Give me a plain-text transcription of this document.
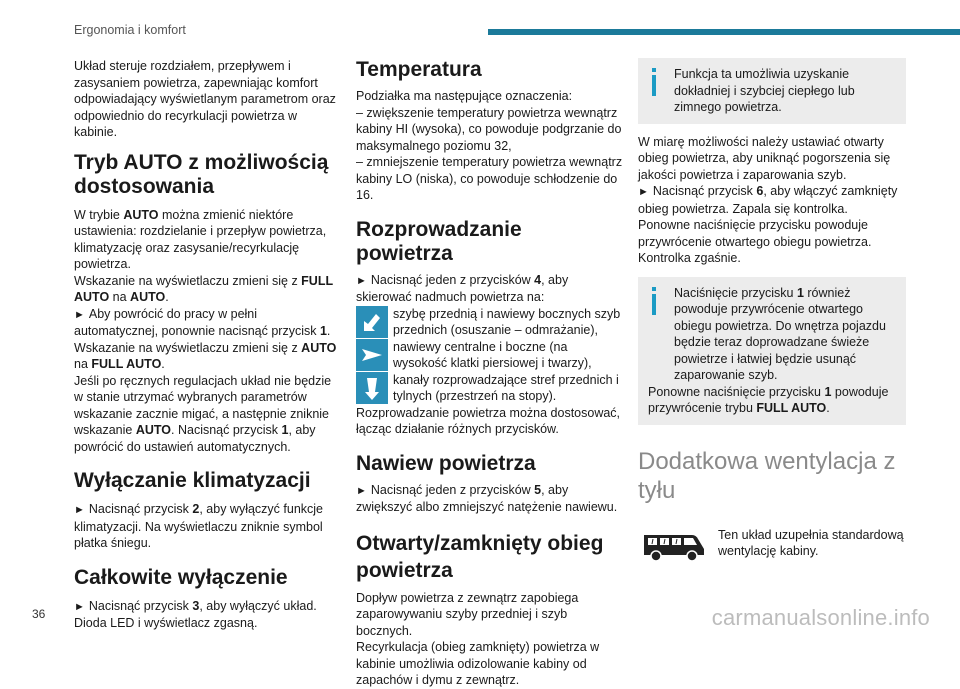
Ergonomia i komfort

Układ steruje rozdziałem, przepływem i zasysaniem powietrza, zapewniając komfort odpowiadający wyświetlanym parametrom oraz odpowiednio do recyrkulacji powietrza w kabinie.

Tryb AUTO z możliwością dostosowania

W trybie AUTO można zmienić niektóre ustawienia: rozdzielanie i przepływ powietrza, klimatyzację oraz zasysanie/recyrkulację powietrza.

Wskazanie na wyświetlaczu zmieni się z FULL AUTO na AUTO.

► Aby powrócić do pracy w pełni automatycznej, ponownie nacisnąć przycisk 1.

Wskazanie na wyświetlaczu zmieni się z AUTO na FULL AUTO.

Jeśli po ręcznych regulacjach układ nie będzie w stanie utrzymać wybranych parametrów wskazanie zacznie migać, a następnie zniknie wskazanie AUTO. Nacisnąć przycisk 1, aby powrócić do ustawień automatycznych.

Wyłączanie klimatyzacji

► Nacisnąć przycisk 2, aby wyłączyć funkcje klimatyzacji. Na wyświetlaczu zniknie symbol płatka śniegu.

Całkowite wyłączenie

► Nacisnąć przycisk 3, aby wyłączyć układ. Dioda LED i wyświetlacz zgasną.

Temperatura

Podziałka ma następujące oznaczenia:

– zwiększenie temperatury powietrza wewnątrz kabiny HI (wysoka), co powoduje podgrzanie do maksymalnego poziomu 32,

– zmniejszenie temperatury powietrza wewnątrz kabiny LO (niska), co powoduje schłodzenie do 16.

Rozprowadzanie powietrza

► Nacisnąć jeden z przycisków 4, aby skierować nadmuch powietrza na:

szybę przednią i nawiewy bocznych szyb przednich (osuszanie – odmrażanie),

nawiewy centralne i boczne (na wysokość klatki piersiowej i twarzy),

kanały rozprowadzające stref przednich i tylnych (przestrzeń na stopy).

Rozprowadzanie powietrza można dostosować, łącząc działanie różnych przycisków.

Nawiew powietrza

► Nacisnąć jeden z przycisków 5, aby zwiększyć albo zmniejszyć natężenie nawiewu.

Otwarty/zamknięty obieg powietrza

Dopływ powietrza z zewnątrz zapobiega zaparowywaniu szyby przedniej i szyb bocznych.

Recyrkulacja (obieg zamknięty) powietrza w kabinie umożliwia odizolowanie kabiny od zapachów i dymu z zewnątrz.

Funkcja ta umożliwia uzyskanie dokładniej i szybciej ciepłego lub zimnego powietrza.

W miarę możliwości należy ustawiać otwarty obieg powietrza, aby uniknąć pogorszenia się jakości powietrza i zaparowania szyb.

► Nacisnąć przycisk 6, aby włączyć zamknięty obieg powietrza. Zapala się kontrolka.

Ponowne naciśnięcie przycisku powoduje przywrócenie otwartego obiegu powietrza. Kontrolka zgaśnie.

Naciśnięcie przycisku 1 również powoduje przywrócenie otwartego obiegu powietrza. Do wnętrza pojazdu będzie teraz doprowadzane świeże powietrze i łatwiej będzie usunąć zaparowanie szyb.

Ponowne naciśnięcie przycisku 1 powoduje przywrócenie trybu FULL AUTO.

Dodatkowa wentylacja z tyłu

Ten układ uzupełnia standardową wentylację kabiny.

36	carmanualsonline.info
